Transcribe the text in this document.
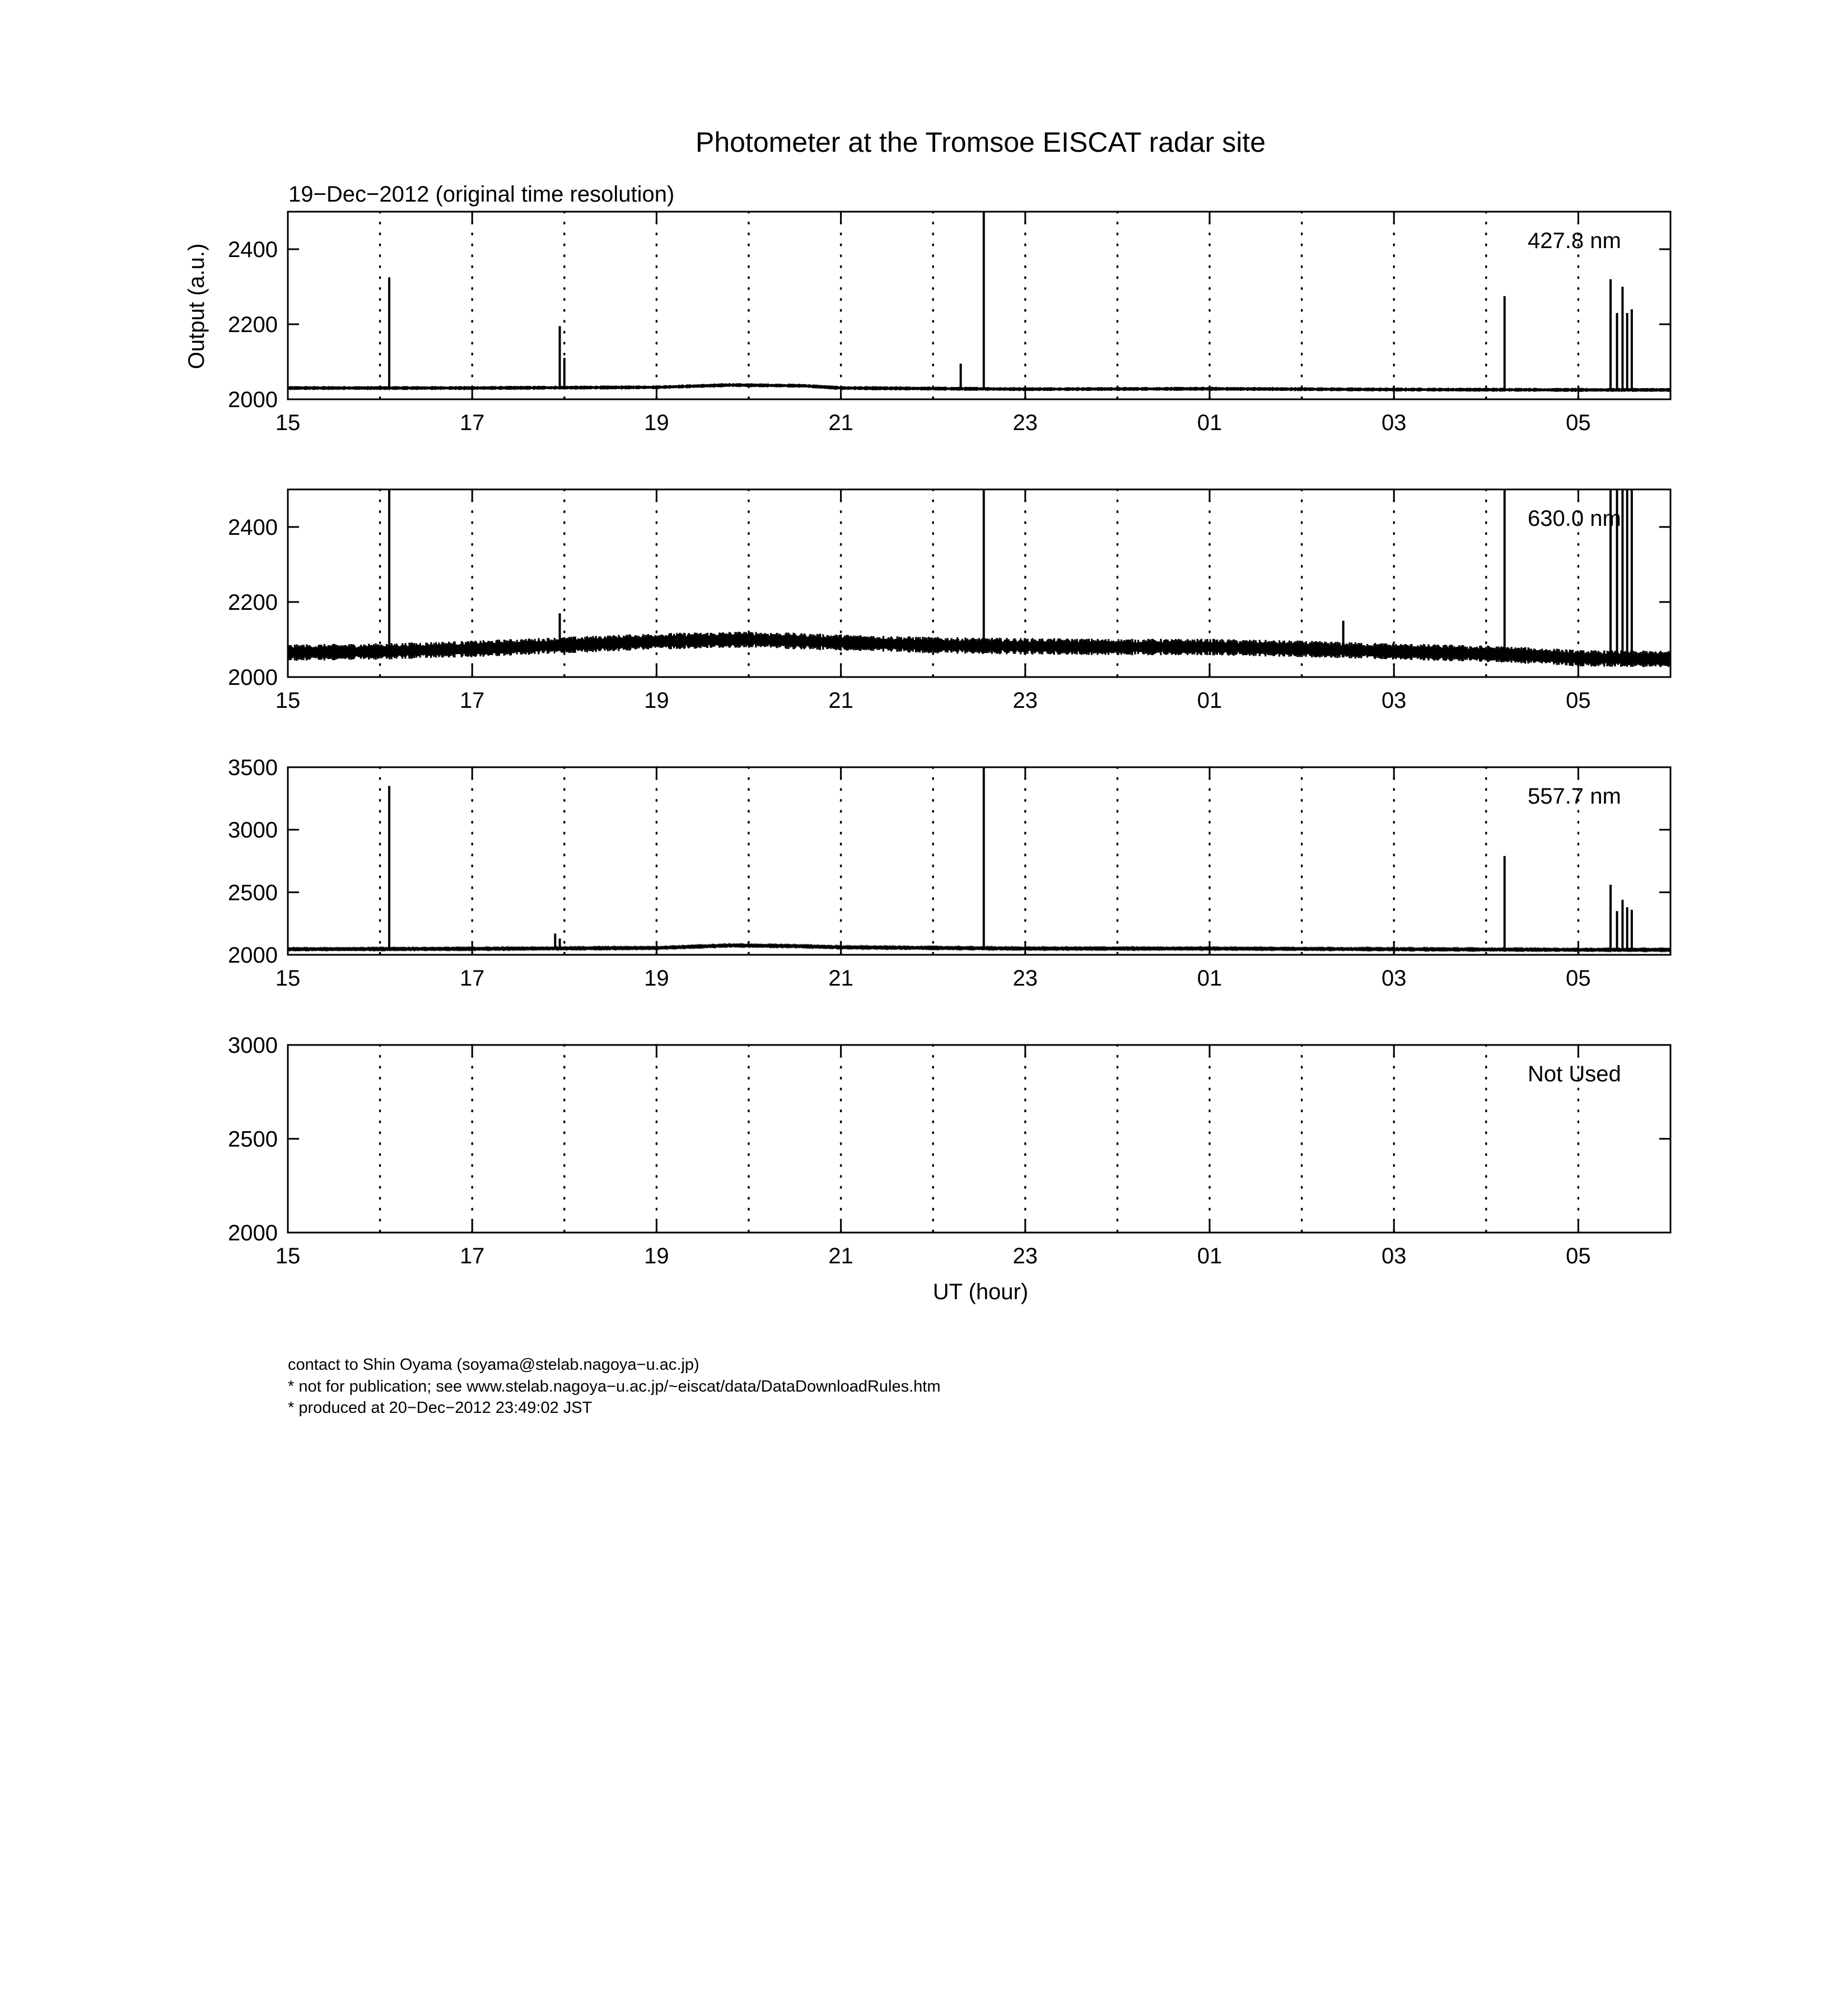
Photometer at the Tromsoe EISCAT radar site
19−Dec−2012 (original time resolution)
Output (a.u.)
UT (hour)
contact to Shin Oyama (soyama@stelab.nagoya−u.ac.jp)
* not for publication; see www.stelab.nagoya−u.ac.jp/~eiscat/data/DataDownloadRules.htm
* produced at 20−Dec−2012 23:49:02 JST
15	17	19	21	23	01	03	05
2000
2200
2400	427.8 nm
15	17	19	21	23	01	03	05
2000
2200
2400	630.0 nm
15	17	19	21	23	01	03	05
2000
2500
3000
3500
557.7 nm
15	17	19	21	23	01	03	05
2000
2500
3000
Not Used
